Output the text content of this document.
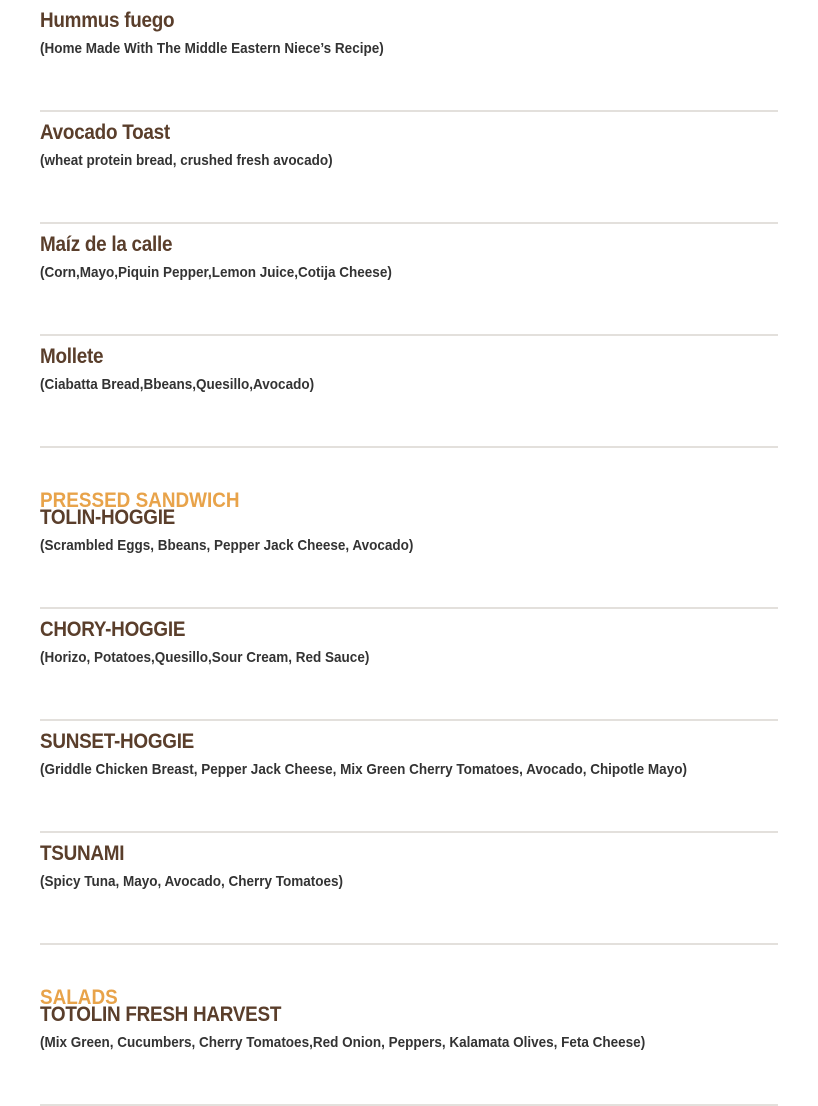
Hummus fuego
(Home Made With The Middle Eastern Niece’s Recipe)
Avocado Toast
(wheat protein bread, crushed fresh avocado)
Maíz de la calle
(Corn,Mayo,Piquin Pepper,Lemon Juice,Cotija Cheese)
Mollete
(Ciabatta Bread,Bbeans,Quesillo,Avocado)
PRESSED SANDWICH
TOLIN-HOGGIE
(Scrambled Eggs, Bbeans, Pepper Jack Cheese, Avocado)
CHORY-HOGGIE
(Horizo, Potatoes,Quesillo,Sour Cream, Red Sauce)
SUNSET-HOGGIE
(Griddle Chicken Breast, Pepper Jack Cheese, Mix Green Cherry Tomatoes, Avocado, Chipotle Mayo)
TSUNAMI
(Spicy Tuna, Mayo, Avocado, Cherry Tomatoes)
SALADS
TOTOLIN FRESH HARVEST
(Mix Green, Cucumbers, Cherry Tomatoes,Red Onion, Peppers, Kalamata Olives, Feta Cheese)
